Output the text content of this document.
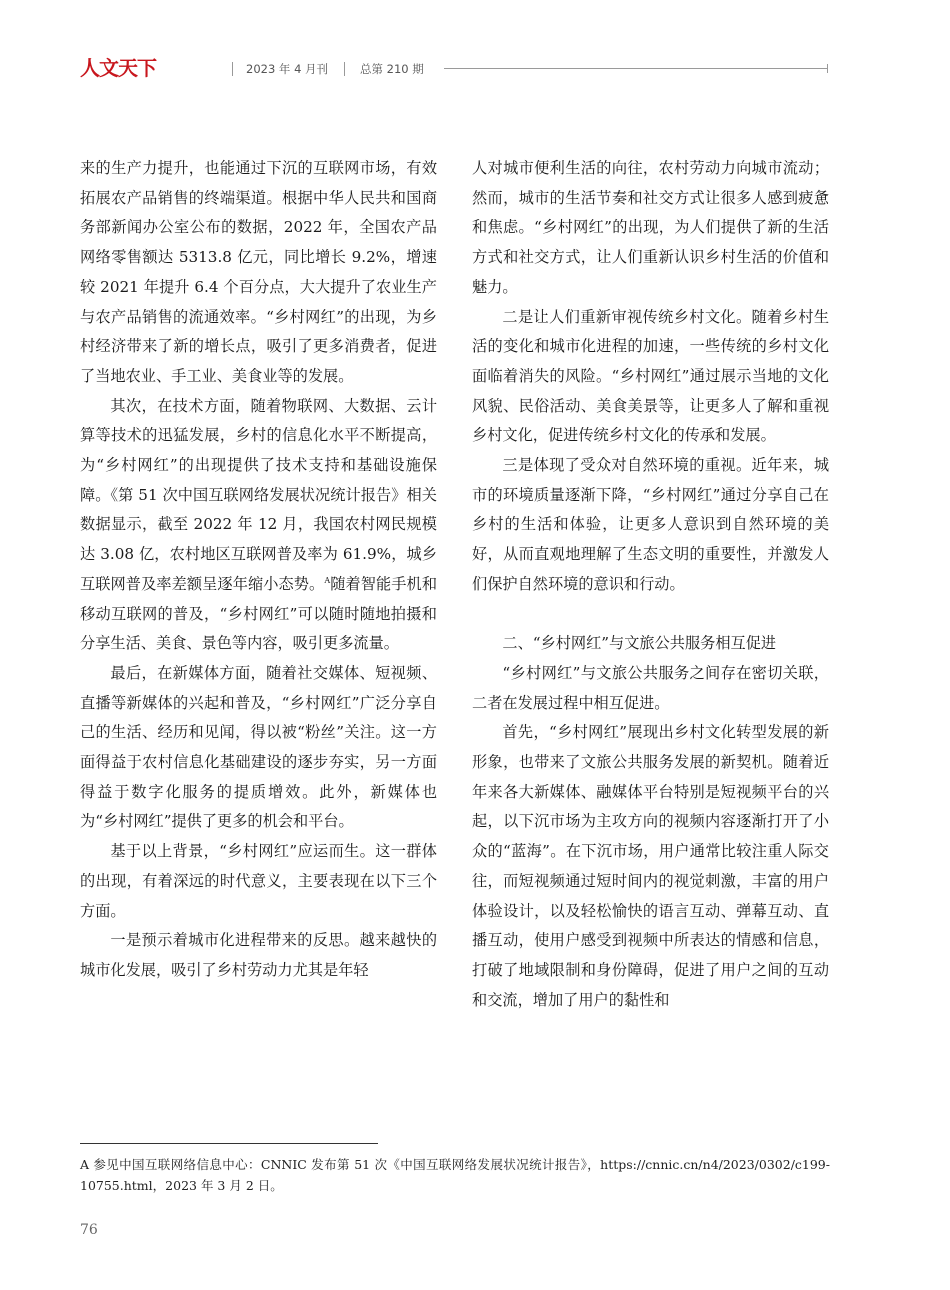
人文天下	2023 年 4 月刊	总第 210 期

来的生产力提升，也能通过下沉的互联网市场，有效拓展农产品销售的终端渠道。根据中华人民共和国商务部新闻办公室公布的数据，2022 年，全国农产品网络零售额达 5313.8 亿元，同比增长 9.2%，增速较 2021 年提升 6.4 个百分点，大大提升了农业生产与农产品销售的流通效率。“乡村网红”的出现，为乡村经济带来了新的增长点，吸引了更多消费者，促进了当地农业、手工业、美食业等的发展。

其次，在技术方面，随着物联网、大数据、云计算等技术的迅猛发展，乡村的信息化水平不断提高，为“乡村网红”的出现提供了技术支持和基础设施保障。《第 51 次中国互联网络发展状况统计报告》相关数据显示，截至 2022 年 12 月，我国农村网民规模达 3.08 亿，农村地区互联网普及率为 61.9%，城乡互联网普及率差额呈逐年缩小态势。$^A$随着智能手机和移动互联网的普及，“乡村网红”可以随时随地拍摄和分享生活、美食、景色等内容，吸引更多流量。

最后，在新媒体方面，随着社交媒体、短视频、直播等新媒体的兴起和普及，“乡村网红”广泛分享自己的生活、经历和见闻，得以被“粉丝”关注。这一方面得益于农村信息化基础建设的逐步夯实，另一方面得益于数字化服务的提质增效。此外，新媒体也为“乡村网红”提供了更多的机会和平台。

基于以上背景，“乡村网红”应运而生。这一群体的出现，有着深远的时代意义，主要表现在以下三个方面。

一是预示着城市化进程带来的反思。越来越快的城市化发展，吸引了乡村劳动力尤其是年轻

人对城市便利生活的向往，农村劳动力向城市流动；然而，城市的生活节奏和社交方式让很多人感到疲惫和焦虑。“乡村网红”的出现，为人们提供了新的生活方式和社交方式，让人们重新认识乡村生活的价值和魅力。

二是让人们重新审视传统乡村文化。随着乡村生活的变化和城市化进程的加速，一些传统的乡村文化面临着消失的风险。“乡村网红”通过展示当地的文化风貌、民俗活动、美食美景等，让更多人了解和重视乡村文化，促进传统乡村文化的传承和发展。

三是体现了受众对自然环境的重视。近年来，城市的环境质量逐渐下降，“乡村网红”通过分享自己在乡村的生活和体验，让更多人意识到自然环境的美好，从而直观地理解了生态文明的重要性，并激发人们保护自然环境的意识和行动。

二、“乡村网红”与文旅公共服务相互促进

“乡村网红”与文旅公共服务之间存在密切关联，二者在发展过程中相互促进。

首先，“乡村网红”展现出乡村文化转型发展的新形象，也带来了文旅公共服务发展的新契机。随着近年来各大新媒体、融媒体平台特别是短视频平台的兴起，以下沉市场为主攻方向的视频内容逐渐打开了小众的“蓝海”。在下沉市场，用户通常比较注重人际交往，而短视频通过短时间内的视觉刺激，丰富的用户体验设计，以及轻松愉快的语言互动、弹幕互动、直播互动，使用户感受到视频中所表达的情感和信息，打破了地域限制和身份障碍，促进了用户之间的互动和交流，增加了用户的黏性和

A 参见中国互联网络信息中心：CNNIC 发布第 51 次《中国互联网络发展状况统计报告》，https://cnnic.cn/n4/2023/0302/c199-10755.html，2023 年 3 月 2 日。
76
